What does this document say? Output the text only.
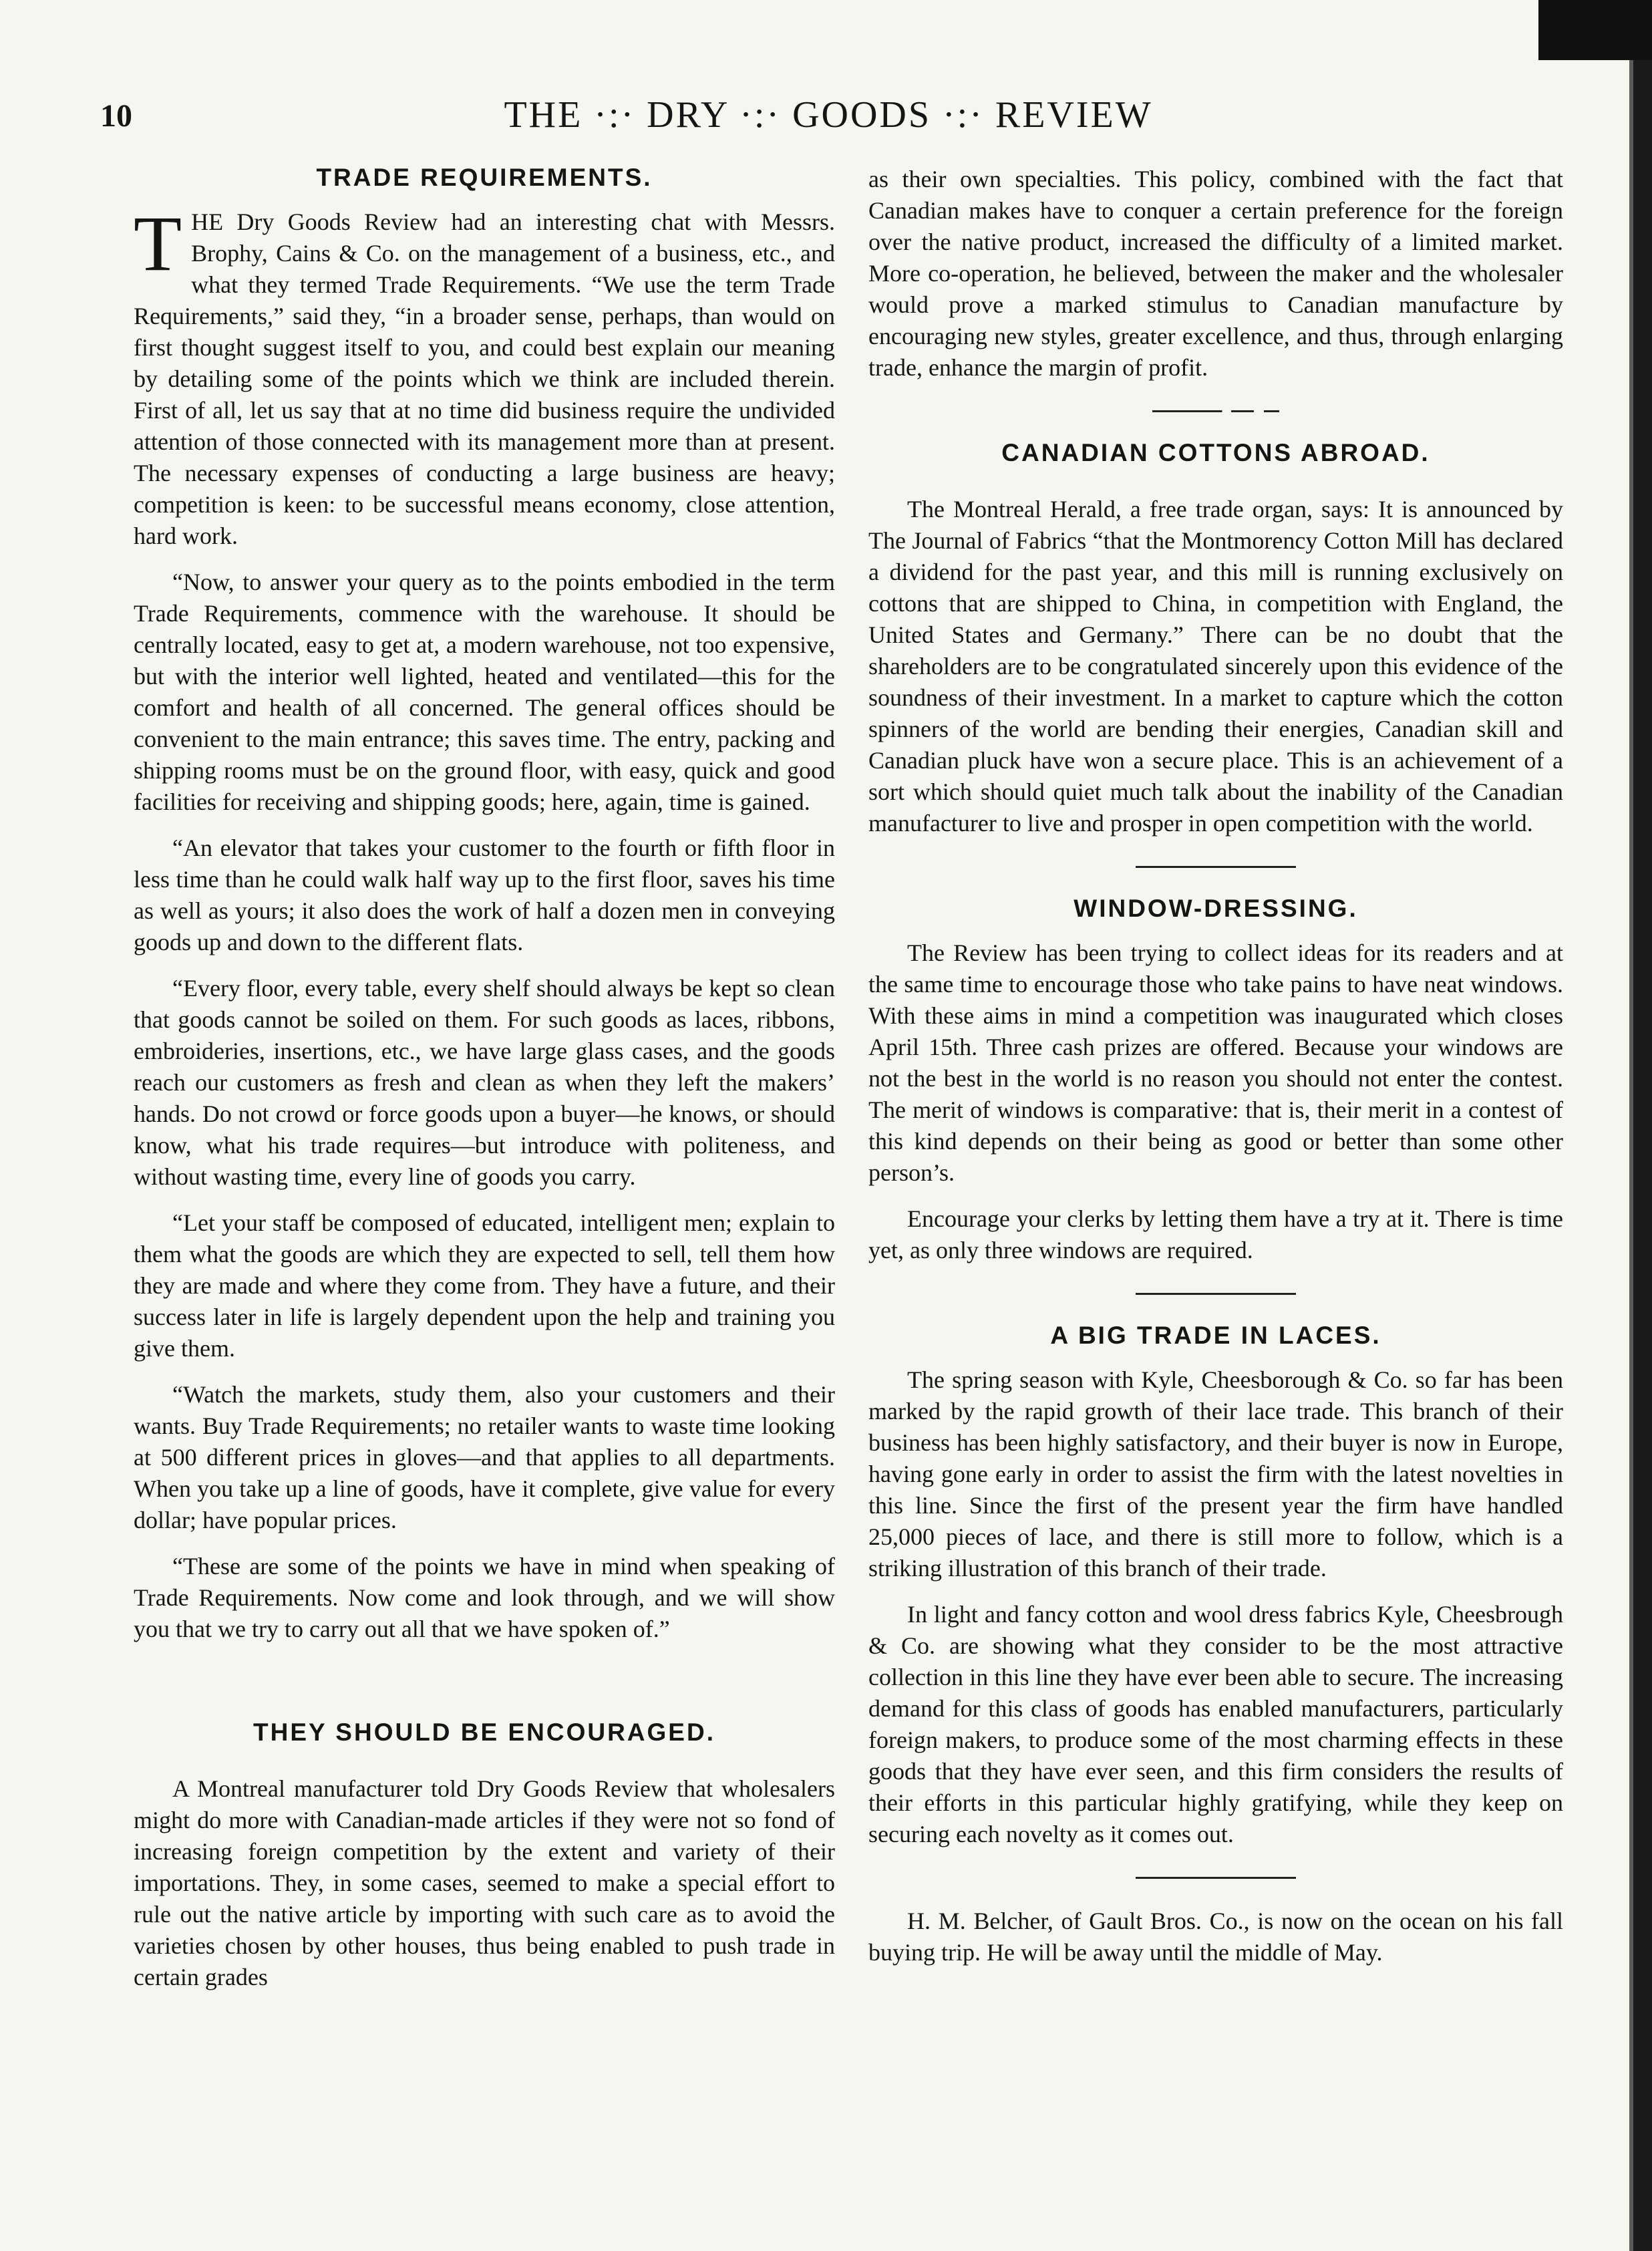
10	THE ·:· DRY ·:· GOODS ·:· REVIEW
TRADE REQUIREMENTS.

THE Dry Goods Review had an interesting chat with Messrs. Brophy, Cains & Co. on the management of a business, etc., and what they termed Trade Requirements. “We use the term Trade Requirements,” said they, “in a broader sense, perhaps, than would on first thought suggest itself to you, and could best explain our meaning by detailing some of the points which we think are included therein. First of all, let us say that at no time did business require the undivided attention of those connected with its management more than at present. The necessary expenses of conducting a large business are heavy; competition is keen: to be successful means economy, close attention, hard work.

“Now, to answer your query as to the points embodied in the term Trade Requirements, commence with the warehouse. It should be centrally located, easy to get at, a modern warehouse, not too expensive, but with the interior well lighted, heated and ventilated—this for the comfort and health of all concerned. The general offices should be convenient to the main entrance; this saves time. The entry, packing and shipping rooms must be on the ground floor, with easy, quick and good facilities for receiving and shipping goods; here, again, time is gained.

“An elevator that takes your customer to the fourth or fifth floor in less time than he could walk half way up to the first floor, saves his time as well as yours; it also does the work of half a dozen men in conveying goods up and down to the different flats.

“Every floor, every table, every shelf should always be kept so clean that goods cannot be soiled on them. For such goods as laces, ribbons, embroideries, insertions, etc., we have large glass cases, and the goods reach our customers as fresh and clean as when they left the makers’ hands. Do not crowd or force goods upon a buyer—he knows, or should know, what his trade requires—but introduce with politeness, and without wasting time, every line of goods you carry.

“Let your staff be composed of educated, intelligent men; explain to them what the goods are which they are expected to sell, tell them how they are made and where they come from. They have a future, and their success later in life is largely dependent upon the help and training you give them.

“Watch the markets, study them, also your customers and their wants. Buy Trade Requirements; no retailer wants to waste time looking at 500 different prices in gloves—and that applies to all departments. When you take up a line of goods, have it complete, give value for every dollar; have popular prices.

“These are some of the points we have in mind when speaking of Trade Requirements. Now come and look through, and we will show you that we try to carry out all that we have spoken of.”

THEY SHOULD BE ENCOURAGED.

A Montreal manufacturer told Dry Goods Review that wholesalers might do more with Canadian-made articles if they were not so fond of increasing foreign competition by the extent and variety of their importations. They, in some cases, seemed to make a special effort to rule out the native article by importing with such care as to avoid the varieties chosen by other houses, thus being enabled to push trade in certain grades

as their own specialties. This policy, combined with the fact that Canadian makes have to conquer a certain preference for the foreign over the native product, increased the difficulty of a limited market. More co-operation, he believed, between the maker and the wholesaler would prove a marked stimulus to Canadian manufacture by encouraging new styles, greater excellence, and thus, through enlarging trade, enhance the margin of profit.

CANADIAN COTTONS ABROAD.

The Montreal Herald, a free trade organ, says: It is announced by The Journal of Fabrics “that the Montmorency Cotton Mill has declared a dividend for the past year, and this mill is running exclusively on cottons that are shipped to China, in competition with England, the United States and Germany.” There can be no doubt that the shareholders are to be congratulated sincerely upon this evidence of the soundness of their investment. In a market to capture which the cotton spinners of the world are bending their energies, Canadian skill and Canadian pluck have won a secure place. This is an achievement of a sort which should quiet much talk about the inability of the Canadian manufacturer to live and prosper in open competition with the world.

WINDOW-DRESSING.

The Review has been trying to collect ideas for its readers and at the same time to encourage those who take pains to have neat windows. With these aims in mind a competition was inaugurated which closes April 15th. Three cash prizes are offered. Because your windows are not the best in the world is no reason you should not enter the contest. The merit of windows is comparative: that is, their merit in a contest of this kind depends on their being as good or better than some other person’s.

Encourage your clerks by letting them have a try at it. There is time yet, as only three windows are required.

A BIG TRADE IN LACES.

The spring season with Kyle, Cheesborough & Co. so far has been marked by the rapid growth of their lace trade. This branch of their business has been highly satisfactory, and their buyer is now in Europe, having gone early in order to assist the firm with the latest novelties in this line. Since the first of the present year the firm have handled 25,000 pieces of lace, and there is still more to follow, which is a striking illustration of this branch of their trade.

In light and fancy cotton and wool dress fabrics Kyle, Cheesbrough & Co. are showing what they consider to be the most attractive collection in this line they have ever been able to secure. The increasing demand for this class of goods has enabled manufacturers, particularly foreign makers, to produce some of the most charming effects in these goods that they have ever seen, and this firm considers the results of their efforts in this particular highly gratifying, while they keep on securing each novelty as it comes out.

H. M. Belcher, of Gault Bros. Co., is now on the ocean on his fall buying trip. He will be away until the middle of May.
